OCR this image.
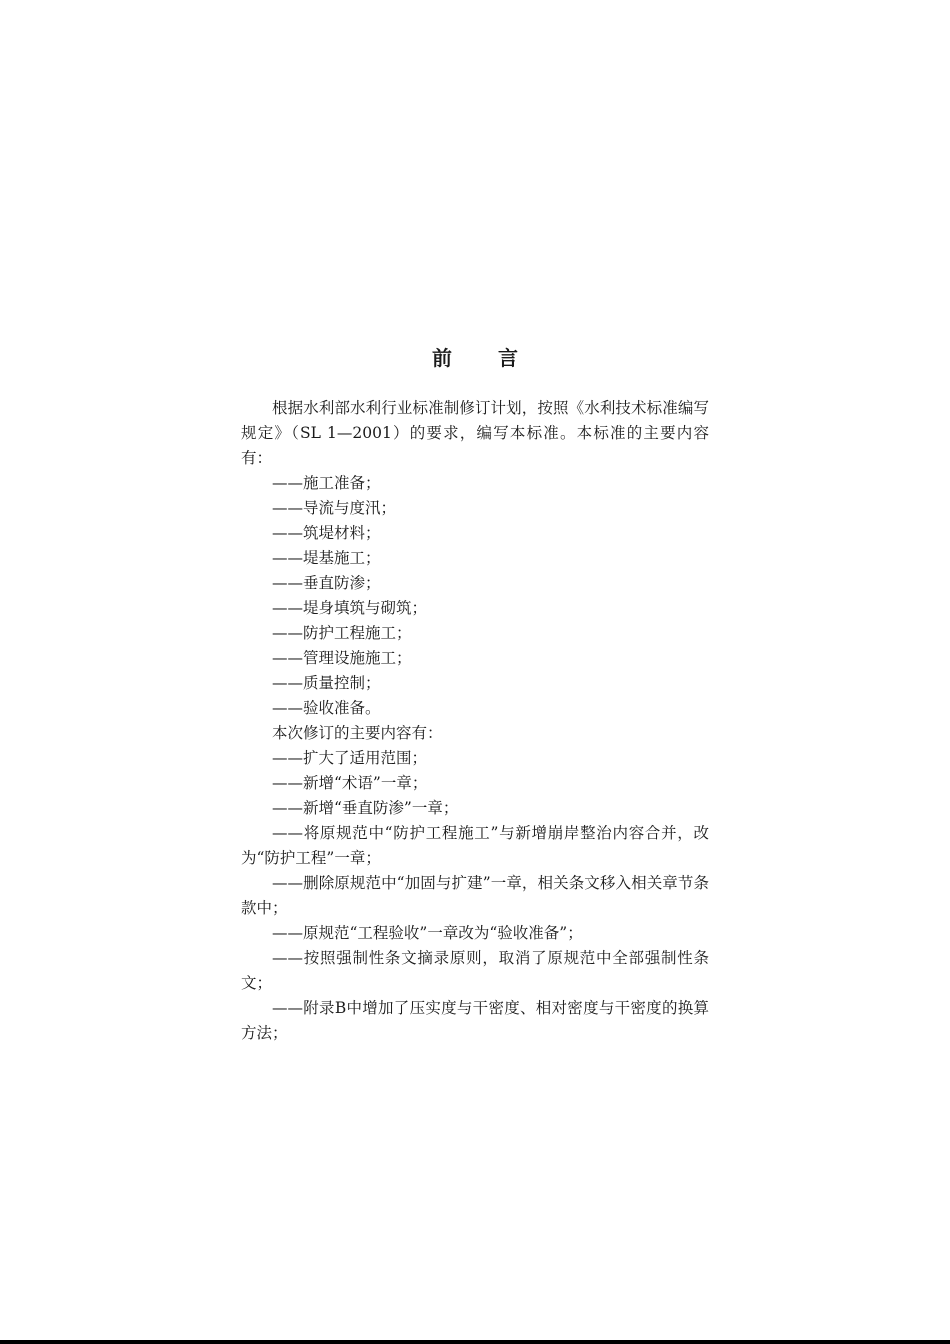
前言

根据水利部水利行业标准制修订计划，按照《水利技术标准编写规定》（SL 1—2001）的要求，编写本标准。本标准的主要内容有：

——施工准备；

——导流与度汛；

——筑堤材料；

——堤基施工；

——垂直防渗；

——堤身填筑与砌筑；

——防护工程施工；

——管理设施施工；

——质量控制；

——验收准备。

本次修订的主要内容有：

——扩大了适用范围；

——新增“术语”一章；

——新增“垂直防渗”一章；

——将原规范中“防护工程施工”与新增崩岸整治内容合并，改为“防护工程”一章；

——删除原规范中“加固与扩建”一章，相关条文移入相关章节条款中；

——原规范“工程验收”一章改为“验收准备”；

——按照强制性条文摘录原则，取消了原规范中全部强制性条文；

——附录B中增加了压实度与干密度、相对密度与干密度的换算方法；
